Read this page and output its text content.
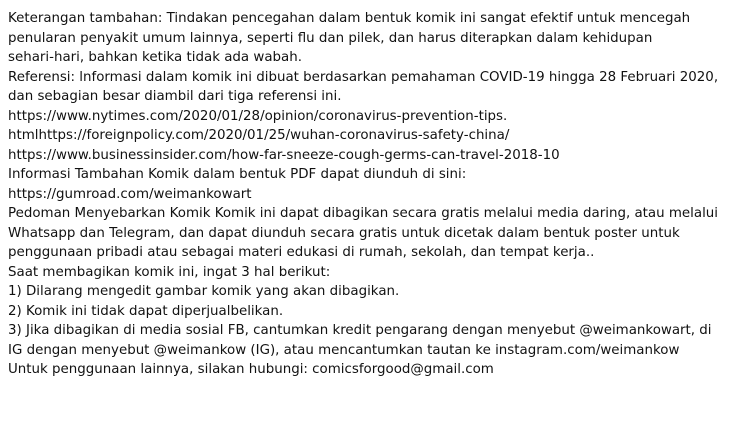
Keterangan tambahan: Tindakan pencegahan dalam bentuk komik ini sangat efektif untuk mencegah
penularan penyakit umum lainnya, seperti flu dan pilek, dan harus diterapkan dalam kehidupan
sehari-hari, bahkan ketika tidak ada wabah.
Referensi: lnformasi dalam komik ini dibuat berdasarkan pemahaman COVID-19 hingga 28 Februari 2020,
dan sebagian besar diambil dari tiga referensi ini.
https://www.nytimes.com/2020/01/28/opinion/coronavirus-prevention-tips.
htmlhttps://foreignpolicy.com/2020/01/25/wuhan-coronavirus-safety-china/
https://www.businessinsider.com/how-far-sneeze-cough-germs-can-travel-2018-10
Informasi Tambahan Komik dalam bentuk PDF dapat diunduh di sini:
https://gumroad.com/weimankowart
Pedoman Menyebarkan Komik Komik ini dapat dibagikan secara gratis melalui media daring, atau melalui
Whatsapp dan Telegram, dan dapat diunduh secara gratis untuk dicetak dalam bentuk poster untuk
penggunaan pribadi atau sebagai materi edukasi di rumah, sekolah, dan tempat kerja..
Saat membagikan komik ini, ingat 3 hal berikut:
1) Dilarang mengedit gambar komik yang akan dibagikan.
2) Komik ini tidak dapat diperjualbelikan.
3) Jika dibagikan di media sosial FB, cantumkan kredit pengarang dengan menyebut @weimankowart, di
IG dengan menyebut @weimankow (IG), atau mencantumkan tautan ke instagram.com/weimankow
Untuk penggunaan lainnya, silakan hubungi: comicsforgood@gmail.com
